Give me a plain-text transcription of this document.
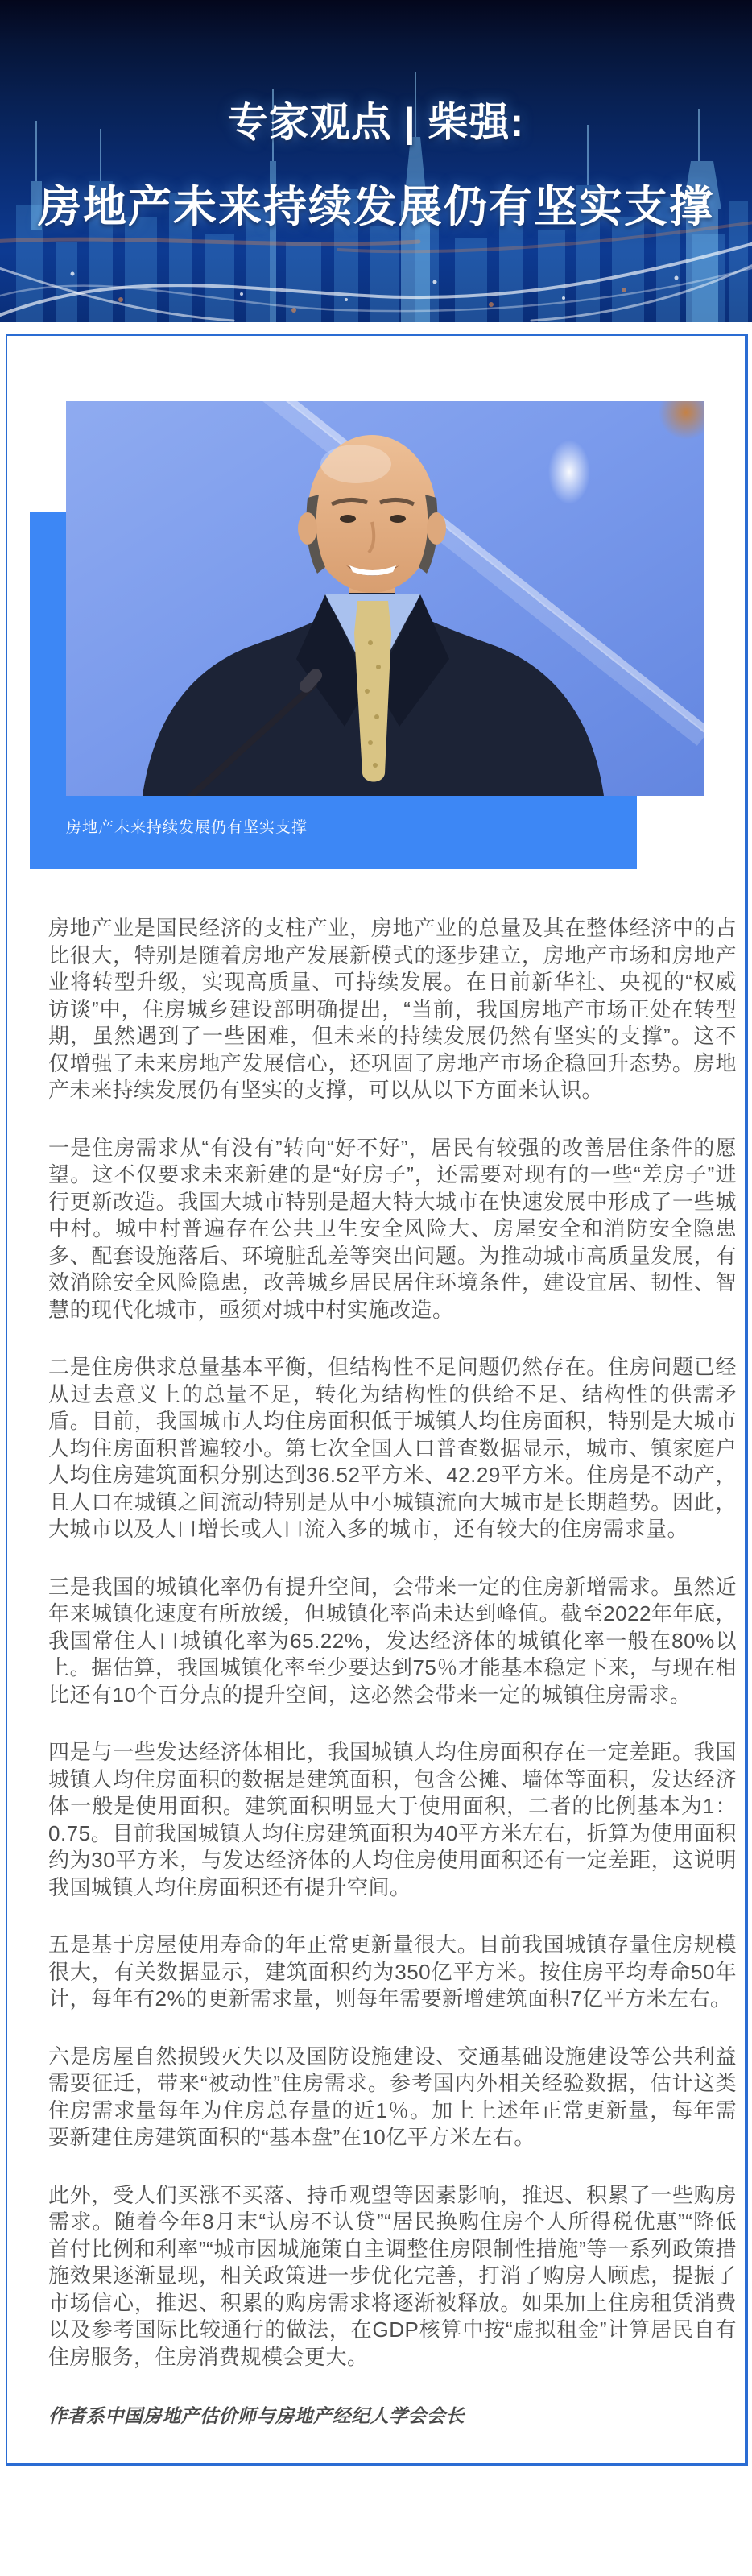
专家观点 | 柴强:
房地产未来持续发展仍有坚实支撑
房地产未来持续发展仍有坚实支撑

房地产业是国民经济的支柱产业，房地产业的总量及其在整体经济中的占比很大，特别是随着房地产发展新模式的逐步建立，房地产市场和房地产业将转型升级，实现高质量、可持续发展。在日前新华社、央视的“权威访谈”中，住房城乡建设部明确提出，“当前，我国房地产市场正处在转型期，虽然遇到了一些困难，但未来的持续发展仍然有坚实的支撑”。这不仅增强了未来房地产发展信心，还巩固了房地产市场企稳回升态势。房地产未来持续发展仍有坚实的支撑，可以从以下方面来认识。

一是住房需求从“有没有”转向“好不好”，居民有较强的改善居住条件的愿望。这不仅要求未来新建的是“好房子”，还需要对现有的一些“差房子”进行更新改造。我国大城市特别是超大特大城市在快速发展中形成了一些城中村。城中村普遍存在公共卫生安全风险大、房屋安全和消防安全隐患多、配套设施落后、环境脏乱差等突出问题。为推动城市高质量发展，有效消除安全风险隐患，改善城乡居民居住环境条件，建设宜居、韧性、智慧的现代化城市，亟须对城中村实施改造。

二是住房供求总量基本平衡，但结构性不足问题仍然存在。住房问题已经从过去意义上的总量不足，转化为结构性的供给不足、结构性的供需矛盾。目前，我国城市人均住房面积低于城镇人均住房面积，特别是大城市人均住房面积普遍较小。第七次全国人口普查数据显示，城市、镇家庭户人均住房建筑面积分别达到36.52平方米、42.29平方米。住房是不动产，且人口在城镇之间流动特别是从中小城镇流向大城市是长期趋势。因此，大城市以及人口增长或人口流入多的城市，还有较大的住房需求量。

三是我国的城镇化率仍有提升空间，会带来一定的住房新增需求。虽然近年来城镇化速度有所放缓，但城镇化率尚未达到峰值。截至2022年年底，我国常住人口城镇化率为65.22%，发达经济体的城镇化率一般在80%以上。据估算，我国城镇化率至少要达到75％才能基本稳定下来，与现在相比还有10个百分点的提升空间，这必然会带来一定的城镇住房需求。

四是与一些发达经济体相比，我国城镇人均住房面积存在一定差距。我国城镇人均住房面积的数据是建筑面积，包含公摊、墙体等面积，发达经济体一般是使用面积。建筑面积明显大于使用面积，二者的比例基本为1：0.75。目前我国城镇人均住房建筑面积为40平方米左右，折算为使用面积约为30平方米，与发达经济体的人均住房使用面积还有一定差距，这说明我国城镇人均住房面积还有提升空间。

五是基于房屋使用寿命的年正常更新量很大。目前我国城镇存量住房规模很大，有关数据显示，建筑面积约为350亿平方米。按住房平均寿命50年计，每年有2%的更新需求量，则每年需要新增建筑面积7亿平方米左右。

六是房屋自然损毁灭失以及国防设施建设、交通基础设施建设等公共利益需要征迁，带来“被动性”住房需求。参考国内外相关经验数据，估计这类住房需求量每年为住房总存量的近1％。加上上述年正常更新量，每年需要新建住房建筑面积的“基本盘”在10亿平方米左右。

此外，受人们买涨不买落、持币观望等因素影响，推迟、积累了一些购房需求。随着今年8月末“认房不认贷”“居民换购住房个人所得税优惠”“降低首付比例和利率”“城市因城施策自主调整住房限制性措施”等一系列政策措施效果逐渐显现，相关政策进一步优化完善，打消了购房人顾虑，提振了市场信心，推迟、积累的购房需求将逐渐被释放。如果加上住房租赁消费以及参考国际比较通行的做法，在GDP核算中按“虚拟租金”计算居民自有住房服务，住房消费规模会更大。

作者系中国房地产估价师与房地产经纪人学会会长
